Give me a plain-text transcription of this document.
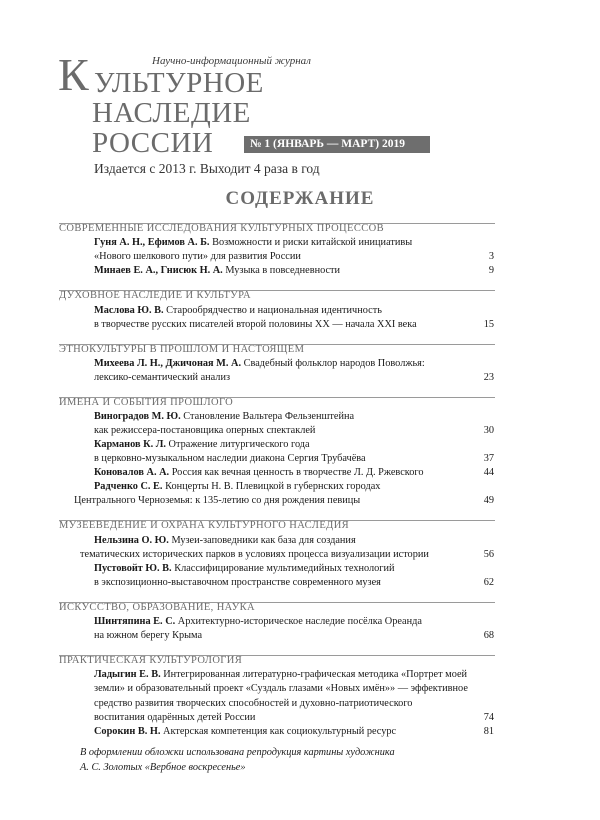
Научно-информационный журнал
К УЛЬТУРНОЕ
НАСЛЕДИЕ
РОССИИ	№ 1 (ЯНВАРЬ — МАРТ) 2019
Издается с 2013 г. Выходит 4 раза в год
СОДЕРЖАНИЕ
СОВРЕМЕННЫЕ ИССЛЕДОВАНИЯ КУЛЬТУРНЫХ ПРОЦЕССОВ
Гуня А. Н., Ефимов А. Б. Возможности и риски китайской инициативы
«Нового шелкового пути» для развития России	3
Минаев Е. А., Гнисюк Н. А. Музыка в повседневности	9
ДУХОВНОЕ НАСЛЕДИЕ И КУЛЬТУРА
Маслова Ю. В. Старообрядчество и национальная идентичность
в творчестве русских писателей второй половины XX — начала XXI века	15
ЭТНОКУЛЬТУРЫ В ПРОШЛОМ И НАСТОЯЩЕМ
Михеева Л. Н., Джичоная М. А. Свадебный фольклор народов Поволжья:
лексико-семантический анализ	23
ИМЕНА И СОБЫТИЯ ПРОШЛОГО
Виноградов М. Ю. Становление Вальтера Фельзенштейна
как режиссера-постановщика оперных спектаклей	30
Карманов К. Л. Отражение литургического года
в церковно-музыкальном наследии диакона Сергия Трубачёва	37
Коновалов А. А. Россия как вечная ценность в творчестве Л. Д. Ржевского	44
Радченко С. Е. Концерты Н. В. Плевицкой в губернских городах
Центрального Черноземья: к 135-летию со дня рождения певицы	49
МУЗЕЕВЕДЕНИЕ И ОХРАНА КУЛЬТУРНОГО НАСЛЕДИЯ
Нельзина О. Ю. Музеи-заповедники как база для создания
тематических исторических парков в условиях процесса визуализации истории	56
Пустовойт Ю. В. Классифицирование мультимедийных технологий
в экспозиционно-выставочном пространстве современного музея	62
ИСКУССТВО, ОБРАЗОВАНИЕ, НАУКА
Шинтяпина Е. С. Архитектурно-историческое наследие посёлка Ореанда
на южном берегу Крыма	68
ПРАКТИЧЕСКАЯ КУЛЬТУРОЛОГИЯ
Ладыгин Е. В. Интегрированная литературно-графическая методика «Портрет моей
земли» и образовательный проект «Суздаль глазами «Новых имён»» — эффективное
средство развития творческих способностей и духовно-патриотического
воспитания одарённых детей России	74
Сорокин В. Н. Актерская компетенция как социокультурный ресурс	81
В оформлении обложки использована репродукция картины художника
А. С. Золотых «Вербное воскресенье»
